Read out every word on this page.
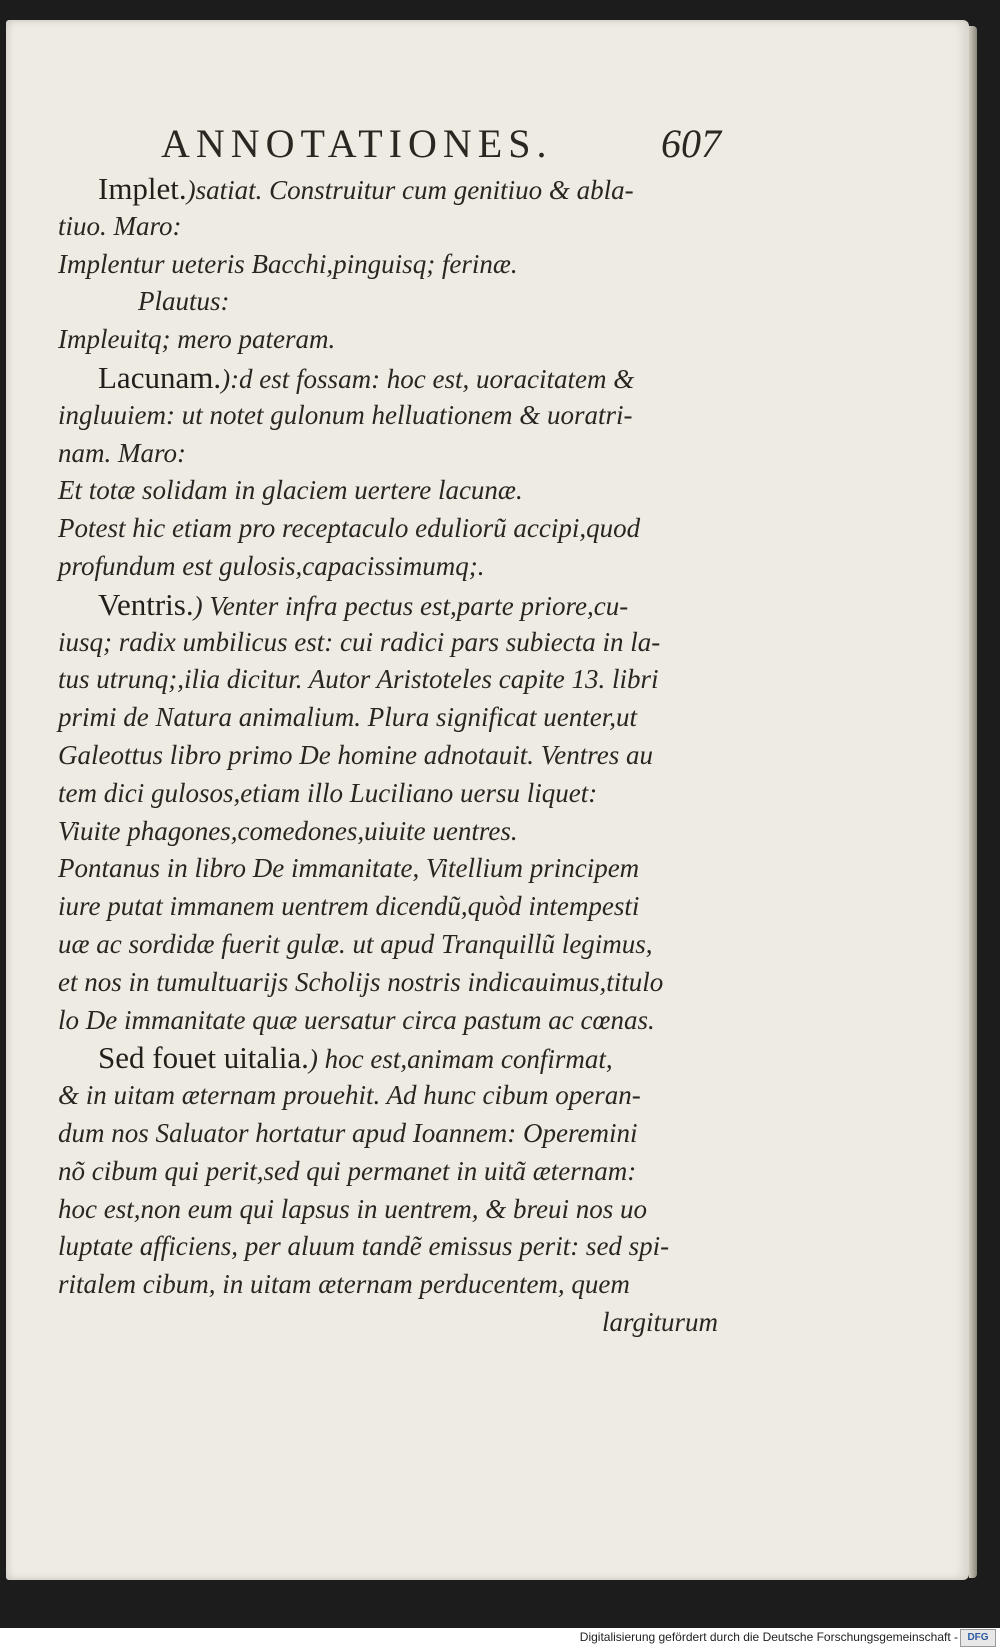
ANNOTATIONES.	607
Implet.)satiat. Construitur cum genitiuo & abla-
tiuo. Maro:
Implentur ueteris Bacchi,pinguisq; ferinæ.
Plautus:
Impleuitq; mero pateram.
Lacunam.):d est fossam: hoc est, uoracitatem &
ingluuiem: ut notet gulonum helluationem & uoratri-
nam. Maro:
Et totæ solidam in glaciem uertere lacunæ.
Potest hic etiam pro receptaculo eduliorũ accipi,quod
profundum est gulosis,capacissimumq;.
Ventris.) Venter infra pectus est,parte priore,cu-
iusq; radix umbilicus est: cui radici pars subiecta in la-
tus utrunq;,ilia dicitur. Autor Aristoteles capite 13. libri
primi de Natura animalium. Plura significat uenter,ut
Galeottus libro primo De homine adnotauit. Ventres au
tem dici gulosos,etiam illo Luciliano uersu liquet:
Viuite phagones,comedones,uiuite uentres.
Pontanus in libro De immanitate, Vitellium principem
iure putat immanem uentrem dicendũ,quòd intempesti
uæ ac sordidæ fuerit gulæ. ut apud Tranquillũ legimus,
et nos in tumultuarijs Scholijs nostris indicauimus,titulo
lo De immanitate quæ uersatur circa pastum ac cœnas.
Sed fouet uitalia.) hoc est,animam confirmat,
& in uitam æternam prouehit. Ad hunc cibum operan-
dum nos Saluator hortatur apud Ioannem: Operemini
nõ cibum qui perit,sed qui permanet in uitã æternam:
hoc est,non eum qui lapsus in uentrem, & breui nos uo
luptate afficiens, per aluum tandẽ emissus perit: sed spi-
ritalem cibum, in uitam æternam perducentem, quem
largiturum
Digitalisierung gefördert durch die Deutsche Forschungsgemeinschaft - DFG
